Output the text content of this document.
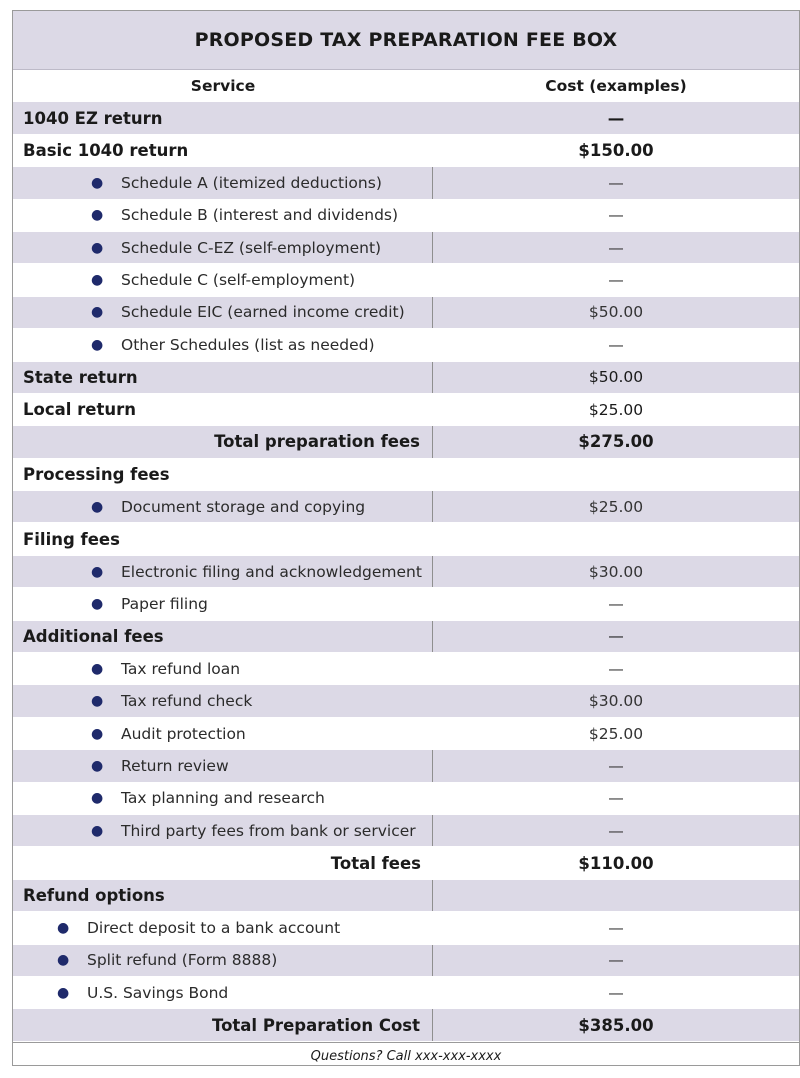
PROPOSED TAX PREPARATION FEE BOX
Service	Cost (examples)
1040 EZ return	—
Basic 1040 return	$150.00
●	Schedule A (itemized deductions)	—
●	Schedule B (interest and dividends)	—
●	Schedule C-EZ (self-employment)	—
●	Schedule C (self-employment)	—
●	Schedule EIC (earned income credit)	$50.00
●	Other Schedules (list as needed)	—
State return	$50.00
Local return	$25.00
Total preparation fees	$275.00
Processing fees
●	Document storage and copying	$25.00
Filing fees
●	Electronic filing and acknowledgement	$30.00
●	Paper filing	—
Additional fees	—
●	Tax refund loan	—
●	Tax refund check	$30.00
●	Audit protection	$25.00
●	Return review	—
●	Tax planning and research	—
●	Third party fees from bank or servicer	—
Total fees	$110.00
Refund options
●	Direct deposit to a bank account	—
●	Split refund (Form 8888)	—
●	U.S. Savings Bond	—
Total Preparation Cost	$385.00
Questions? Call xxx-xxx-xxxx
